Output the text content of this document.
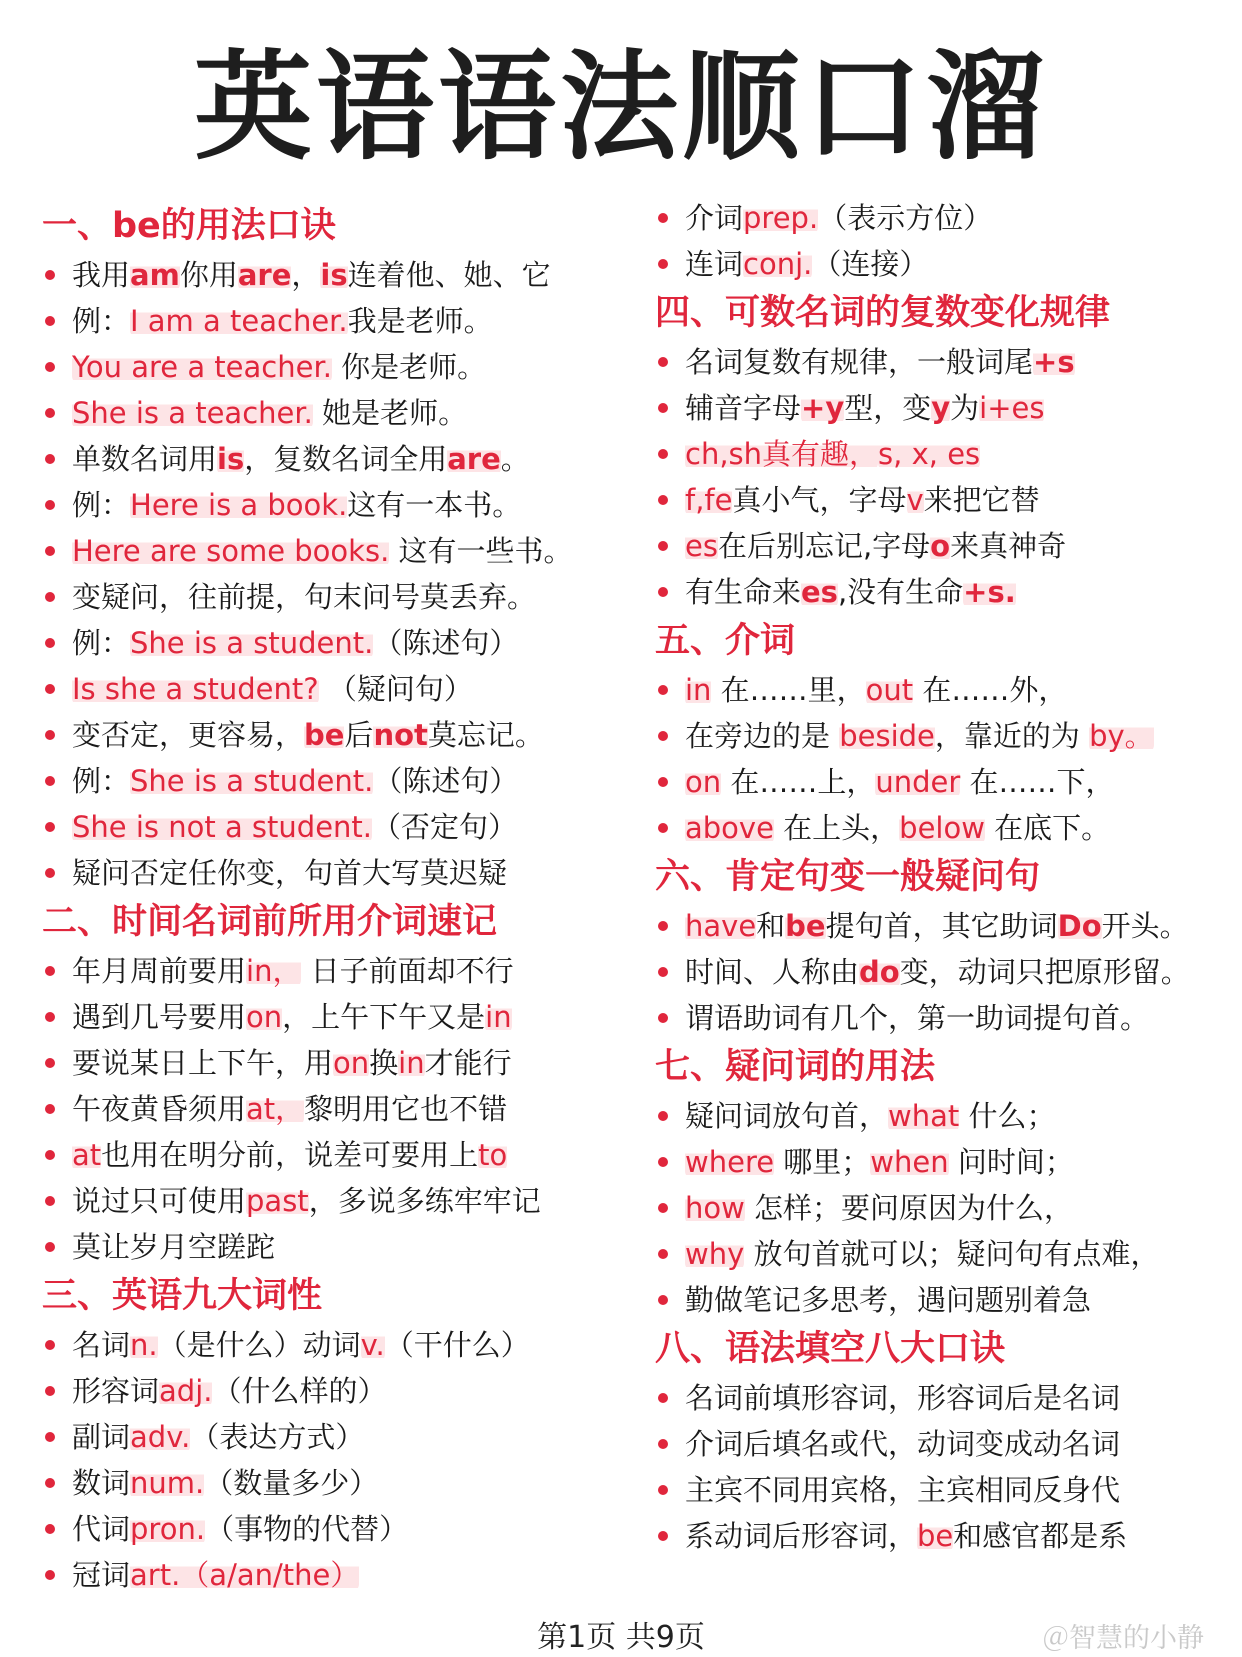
英语语法顺口溜
一、be的用法口诀
我用am你用are，is连着他、她、它
例：I am a teacher.我是老师。
You are a teacher. 你是老师。
She is a teacher. 她是老师。
单数名词用is，复数名词全用are。
例：Here is a book.这有一本书。
Here are some books. 这有一些书。
变疑问，往前提，句末问号莫丢弃。
例：She is a student.（陈述句）
Is she a student? （疑问句）
变否定，更容易，be后not莫忘记。
例：She is a student.（陈述句）
She is not a student.（否定句）
疑问否定任你变，句首大写莫迟疑
二、时间名词前所用介词速记
年月周前要用in， 日子前面却不行
遇到几号要用on，上午下午又是in
要说某日上下午，用on换in才能行
午夜黄昏须用at，黎明用它也不错
at也用在明分前，说差可要用上to
说过只可使用past，多说多练牢牢记
莫让岁月空蹉跎
三、英语九大词性
名词n.（是什么）动词v.（干什么）
形容词adj.（什么样的）
副词adv.（表达方式）
数词num.（数量多少）
代词pron.（事物的代替）
冠词art.（a/an/the）
介词prep.（表示方位）
连词conj.（连接）
四、可数名词的复数变化规律
名词复数有规律，一般词尾+s
辅音字母+y型，变y为i+es
ch,sh真有趣，s, x, es
f,fe真小气，字母v来把它替
es在后别忘记,字母o来真神奇
有生命来es,没有生命+s.
五、介词
in 在……里，out 在……外，
在旁边的是 beside，靠近的为 by。
on 在……上，under 在……下，
above 在上头，below 在底下。
六、肯定句变一般疑问句
have和be提句首，其它助词Do开头。
时间、人称由do变，动词只把原形留。
谓语助词有几个，第一助词提句首。
七、疑问词的用法
疑问词放句首，what 什么；
where 哪里；when 问时间；
how 怎样；要问原因为什么，
why 放句首就可以；疑问句有点难，
勤做笔记多思考，遇问题别着急
八、语法填空八大口诀
名词前填形容词，形容词后是名词
介词后填名或代，动词变成动名词
主宾不同用宾格，主宾相同反身代
系动词后形容词，be和感官都是系
第1页 共9页	＠智慧的小静
